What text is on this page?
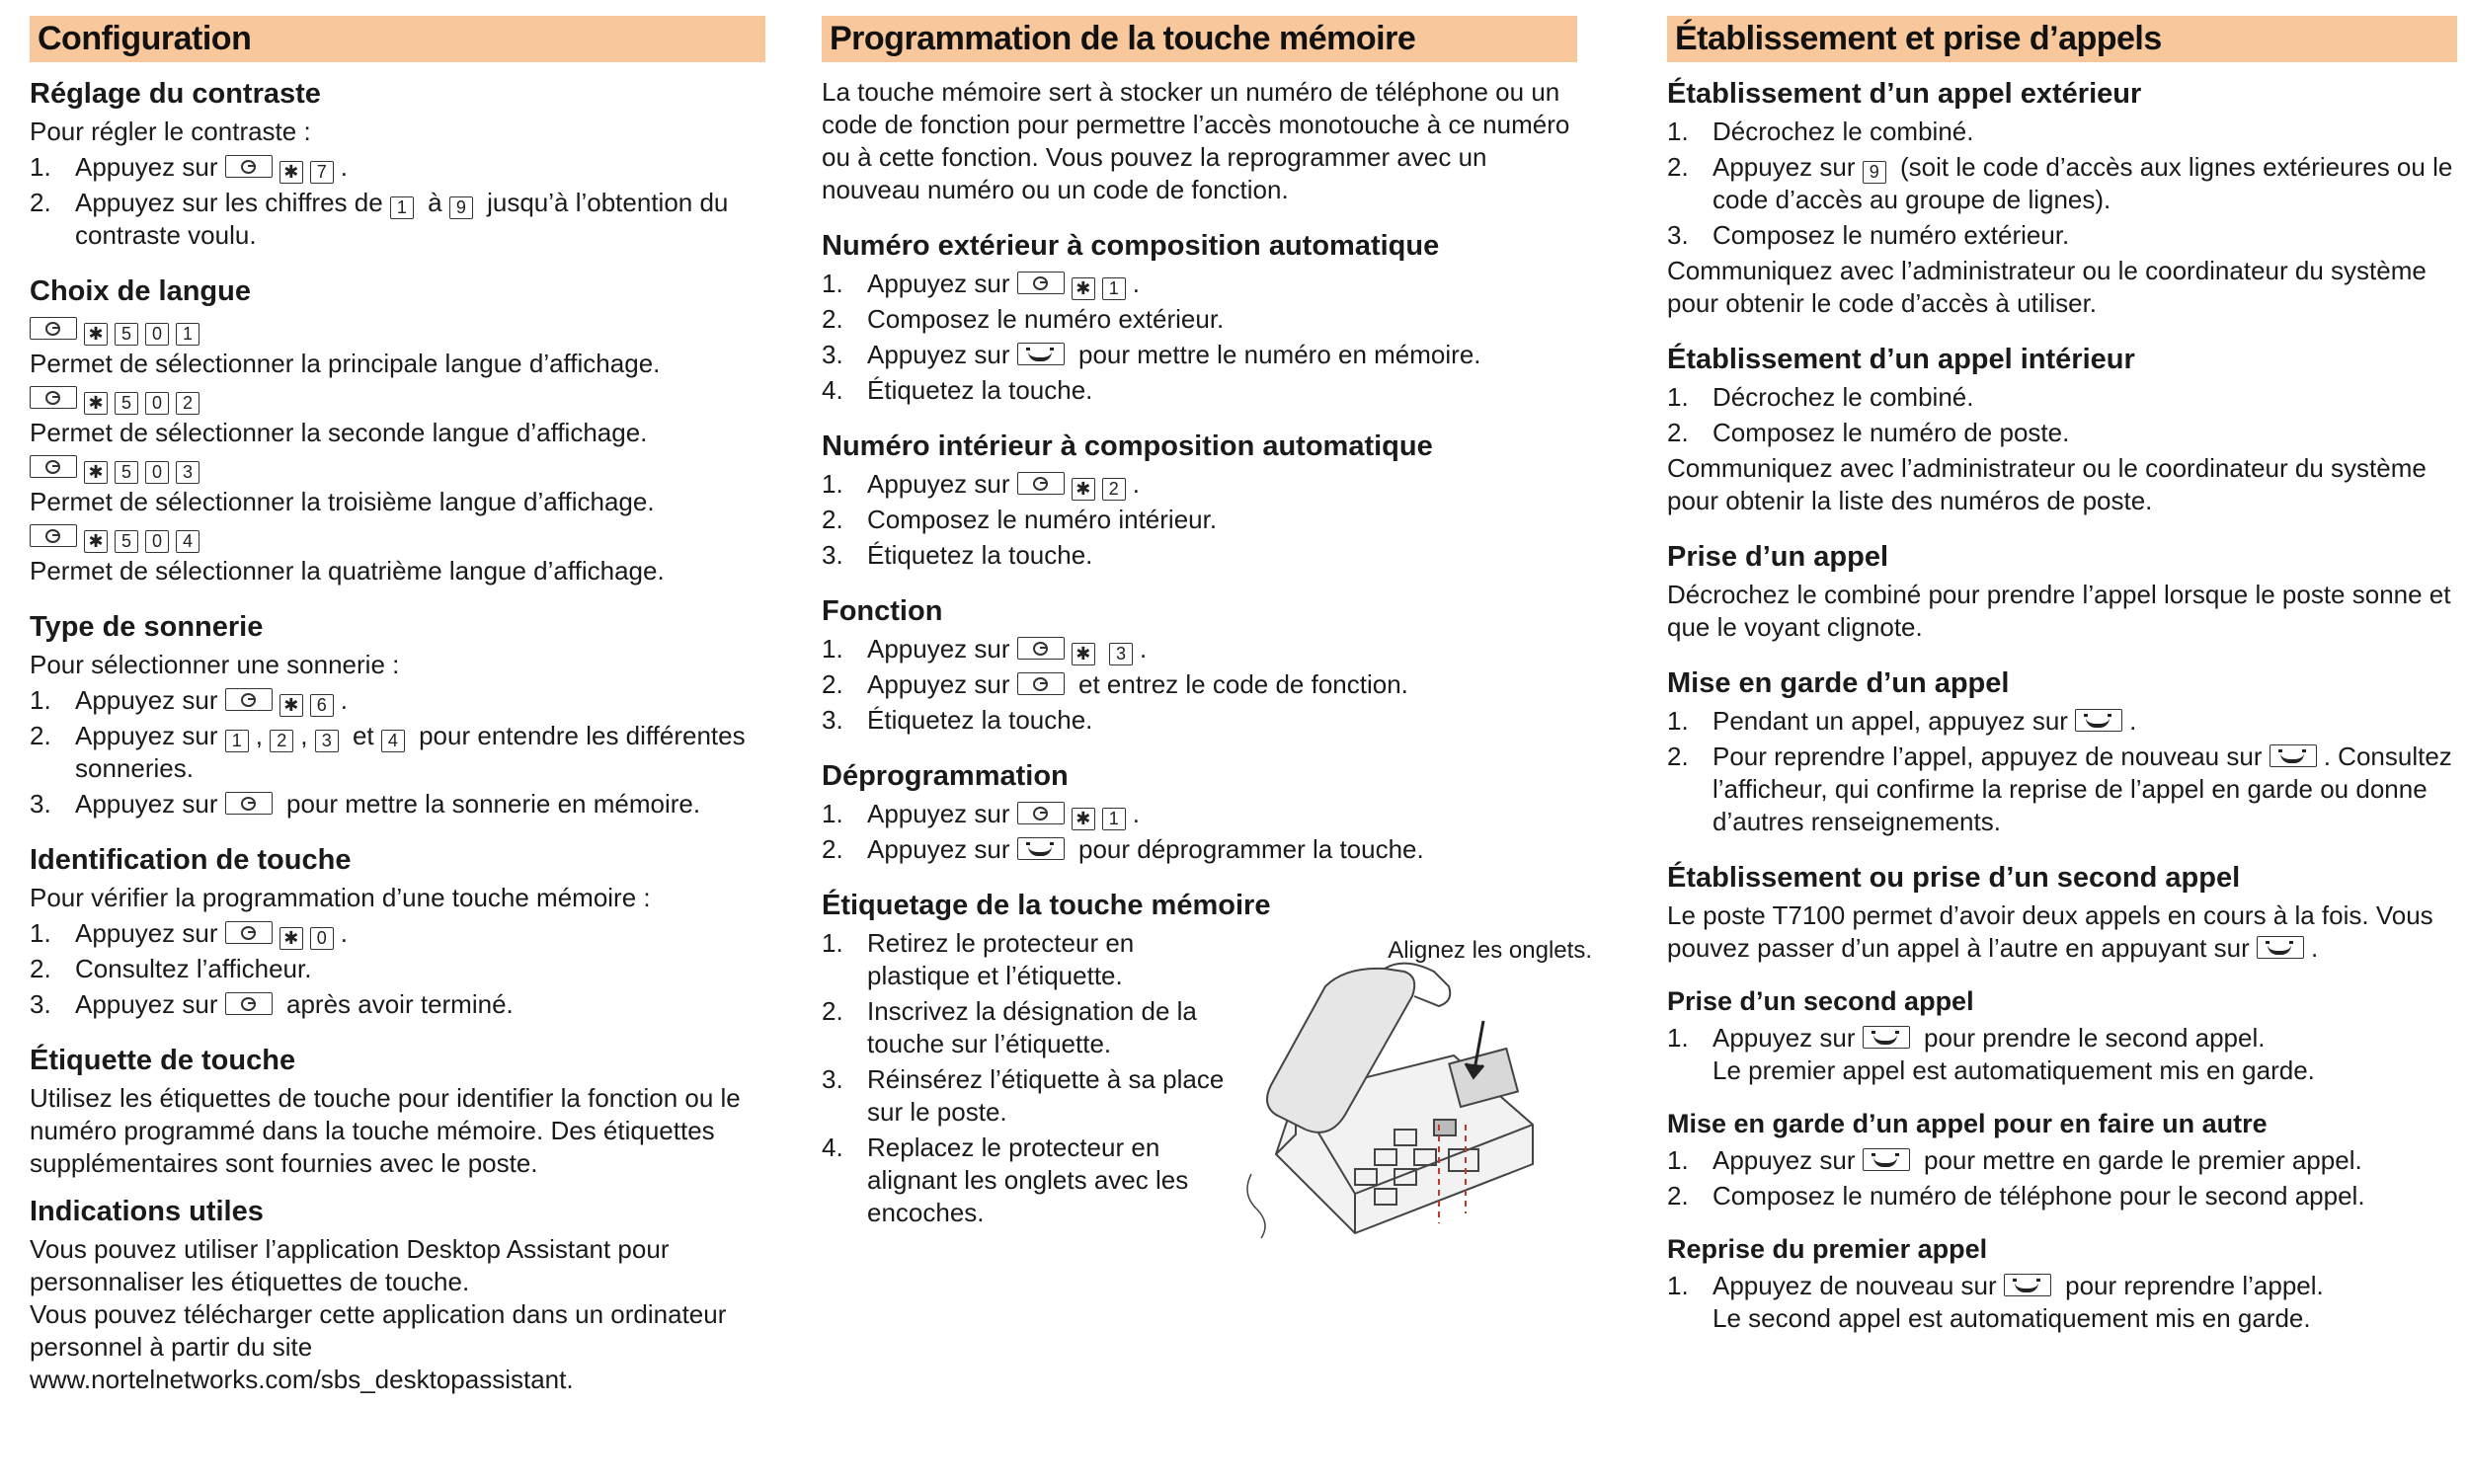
Configuration
Réglage du contraste

Pour régler le contraste :

1. Appuyez sur	✱ 7 .
2. Appuyez sur les chiffres de 1 à 9 jusqu’à l’obtention du contraste voulu.
Choix de langue
✱ 5 0 1

Permet de sélectionner la principale langue d’affichage.

✱ 5 0 2

Permet de sélectionner la seconde langue d’affichage.

✱ 5 0 3

Permet de sélectionner la troisième langue d’affichage.

✱ 5 0 4

Permet de sélectionner la quatrième langue d’affichage.

Type de sonnerie

Pour sélectionner une sonnerie :

1. Appuyez sur	✱ 6 .
2. Appuyez sur 1 , 2 , 3 et 4 pour entendre les différentes sonneries.
3. Appuyez sur	pour mettre la sonnerie en mémoire.
Identification de touche

Pour vérifier la programmation d’une touche mémoire :

1. Appuyez sur	✱ 0 .
2. Consultez l’afficheur.
3. Appuyez sur	après avoir terminé.
Étiquette de touche

Utilisez les étiquettes de touche pour identifier la fonction ou le numéro programmé dans la touche mémoire. Des étiquettes supplémentaires sont fournies avec le poste.

Indications utiles

Vous pouvez utiliser l’application Desktop Assistant pour personnaliser les étiquettes de touche.

Vous pouvez télécharger cette application dans un ordinateur personnel à partir du site www.nortelnetworks.com/sbs_desktopassistant.

Programmation de la touche mémoire

La touche mémoire sert à stocker un numéro de téléphone ou un code de fonction pour permettre l’accès monotouche à ce numéro ou à cette fonction. Vous pouvez la reprogrammer avec un nouveau numéro ou un code de fonction.

Numéro extérieur à composition automatique
1. Appuyez sur	✱ 1 .
2. Composez le numéro extérieur.
3. Appuyez sur	pour mettre le numéro en mémoire.
4. Étiquetez la touche.
Numéro intérieur à composition automatique
1. Appuyez sur	✱ 2 .
2. Composez le numéro intérieur.
3. Étiquetez la touche.
Fonction
1. Appuyez sur	✱ 3 .
2. Appuyez sur	et entrez le code de fonction.
3. Étiquetez la touche.
Déprogrammation
1. Appuyez sur	✱ 1 .
2. Appuyez sur	pour déprogrammer la touche.
Étiquetage de la touche mémoire
1. Retirez le protecteur en plastique et l’étiquette.
2. Inscrivez la désignation de la touche sur l’étiquette.
3. Réinsérez l’étiquette à sa place sur le poste.
4. Replacez le protecteur en alignant les onglets avec les encoches.
Alignez les onglets.
Établissement et prise d’appels
Établissement d’un appel extérieur
1. Décrochez le combiné.
2. Appuyez sur 9 (soit le code d’accès aux lignes extérieures ou le code d’accès au groupe de lignes).
3. Composez le numéro extérieur.

Communiquez avec l’administrateur ou le coordinateur du système pour obtenir le code d’accès à utiliser.

Établissement d’un appel intérieur
1. Décrochez le combiné.
2. Composez le numéro de poste.

Communiquez avec l’administrateur ou le coordinateur du système pour obtenir la liste des numéros de poste.

Prise d’un appel

Décrochez le combiné pour prendre l’appel lorsque le poste sonne et que le voyant clignote.

Mise en garde d’un appel
1. Pendant un appel, appuyez sur .
2. Pour reprendre l’appel, appuyez de nouveau sur . Consultez l’afficheur, qui confirme la reprise de l’appel en garde ou donne d’autres renseignements.
Établissement ou prise d’un second appel

Le poste T7100 permet d’avoir deux appels en cours à la fois. Vous pouvez passer d’un appel à l’autre en appuyant sur .

Prise d’un second appel
1. Appuyez sur	pour prendre le second appel.
Le premier appel est automatiquement mis en garde.
Mise en garde d’un appel pour en faire un autre
1. Appuyez sur	pour mettre en garde le premier appel.
2. Composez le numéro de téléphone pour le second appel.
Reprise du premier appel
1. Appuyez de nouveau sur	pour reprendre l’appel.
Le second appel est automatiquement mis en garde.
